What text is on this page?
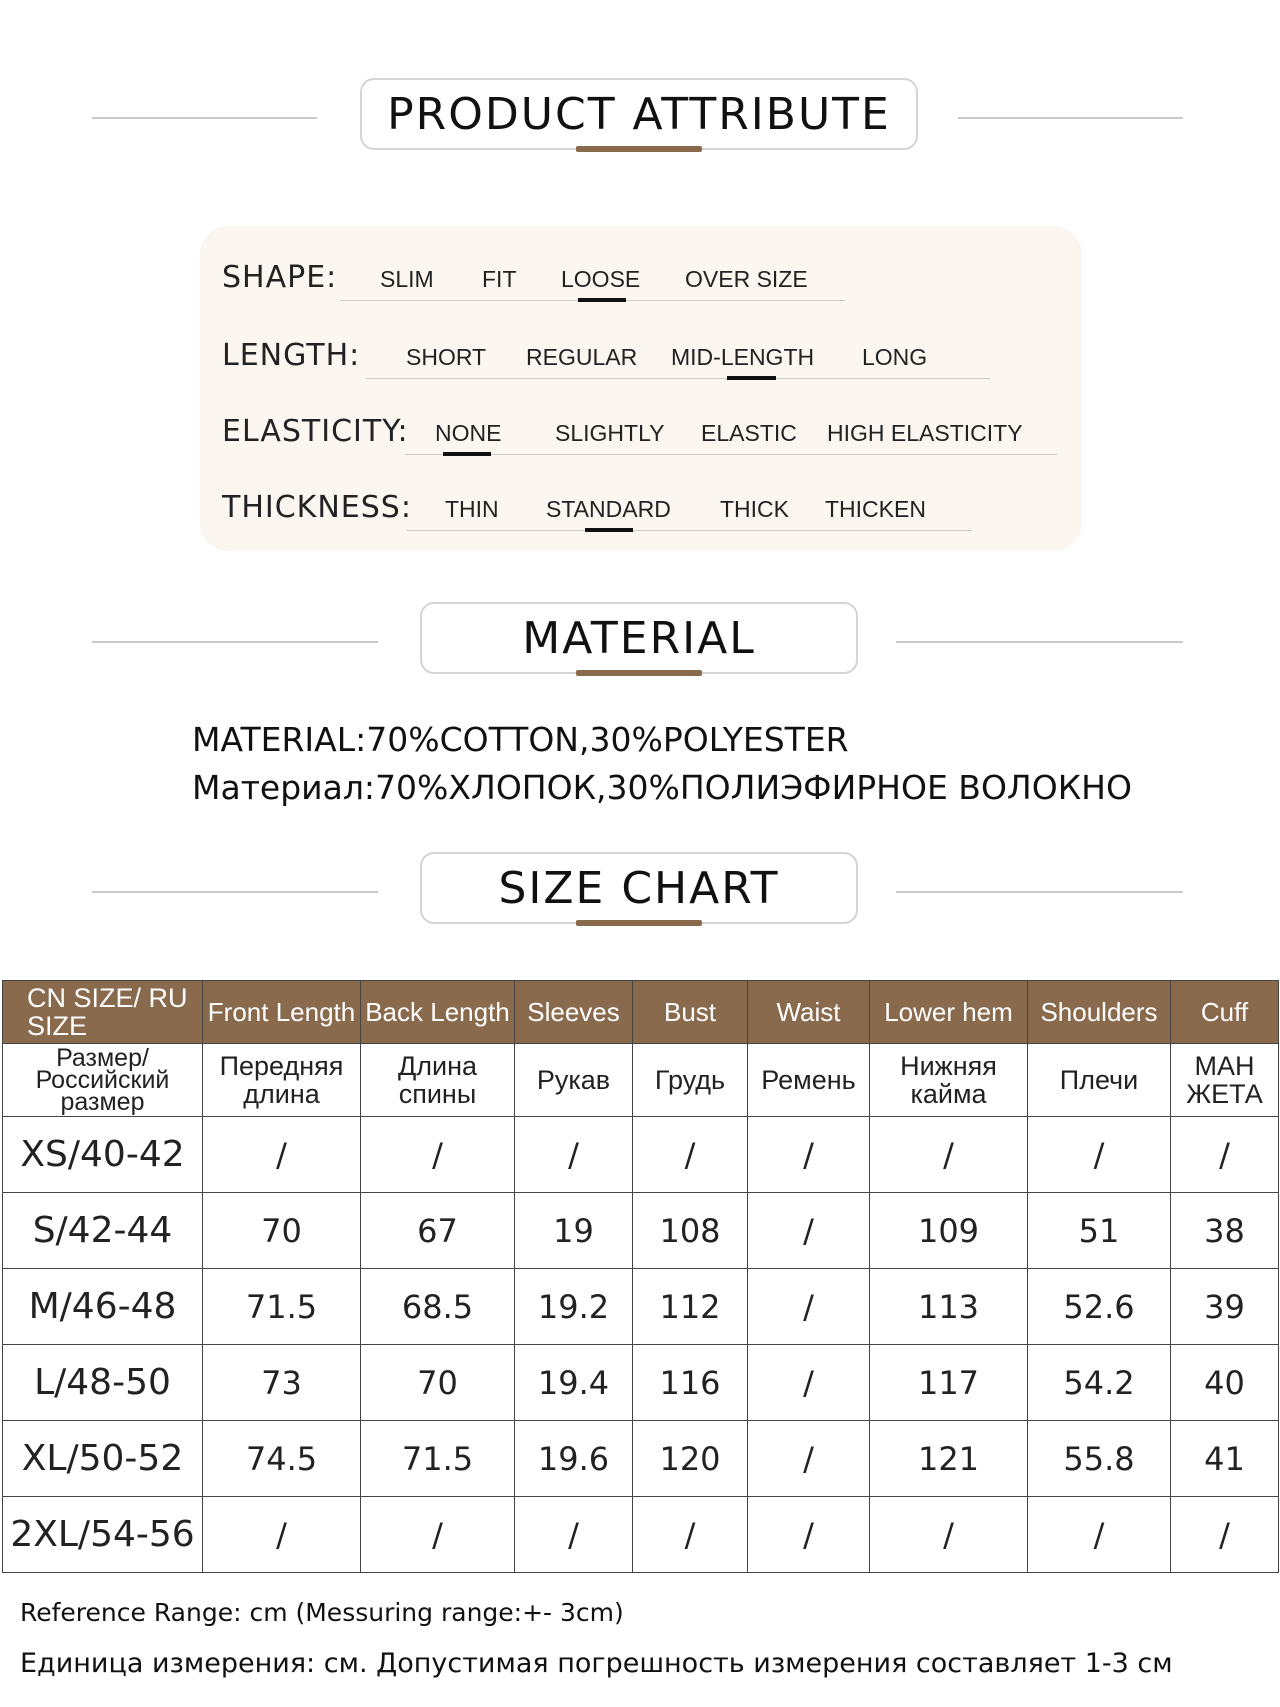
PRODUCT ATTRIBUTE
SHAPE: SLIM FIT LOOSE OVER SIZE
LENGTH: SHORT REGULAR MID-LENGTH LONG
ELASTICITY: NONE SLIGHTLY ELASTIC HIGH ELASTICITY
THICKNESS: THIN STANDARD THICK THICKEN
MATERIAL
MATERIAL:70%COTTON,30%POLYESTER
Материал:70%ХЛОПОК,30%ПОЛИЭФИРНОЕ ВОЛОКНО
SIZE CHART
CN SIZE/ RU SIZE	Front Length	Back Length	Sleeves	Bust	Waist	Lower hem	Shoulders	Cuff
Размер/ Российский размер	Передняя длина	Длина спины	Рукав	Грудь	Ремень	Нижняя кайма	Плечи	МАН ЖЕТА
XS/40-42	/	/	/	/	/	/	/	/
S/42-44	70	67	19	108	/	109	51	38
M/46-48	71.5	68.5	19.2	112	/	113	52.6	39
L/48-50	73	70	19.4	116	/	117	54.2	40
XL/50-52	74.5	71.5	19.6	120	/	121	55.8	41
2XL/54-56	/	/	/	/	/	/	/	/
Reference Range: cm (Messuring range:+- 3cm)
Единица измерения: см. Допустимая погрешность измерения составляет 1-3 см
